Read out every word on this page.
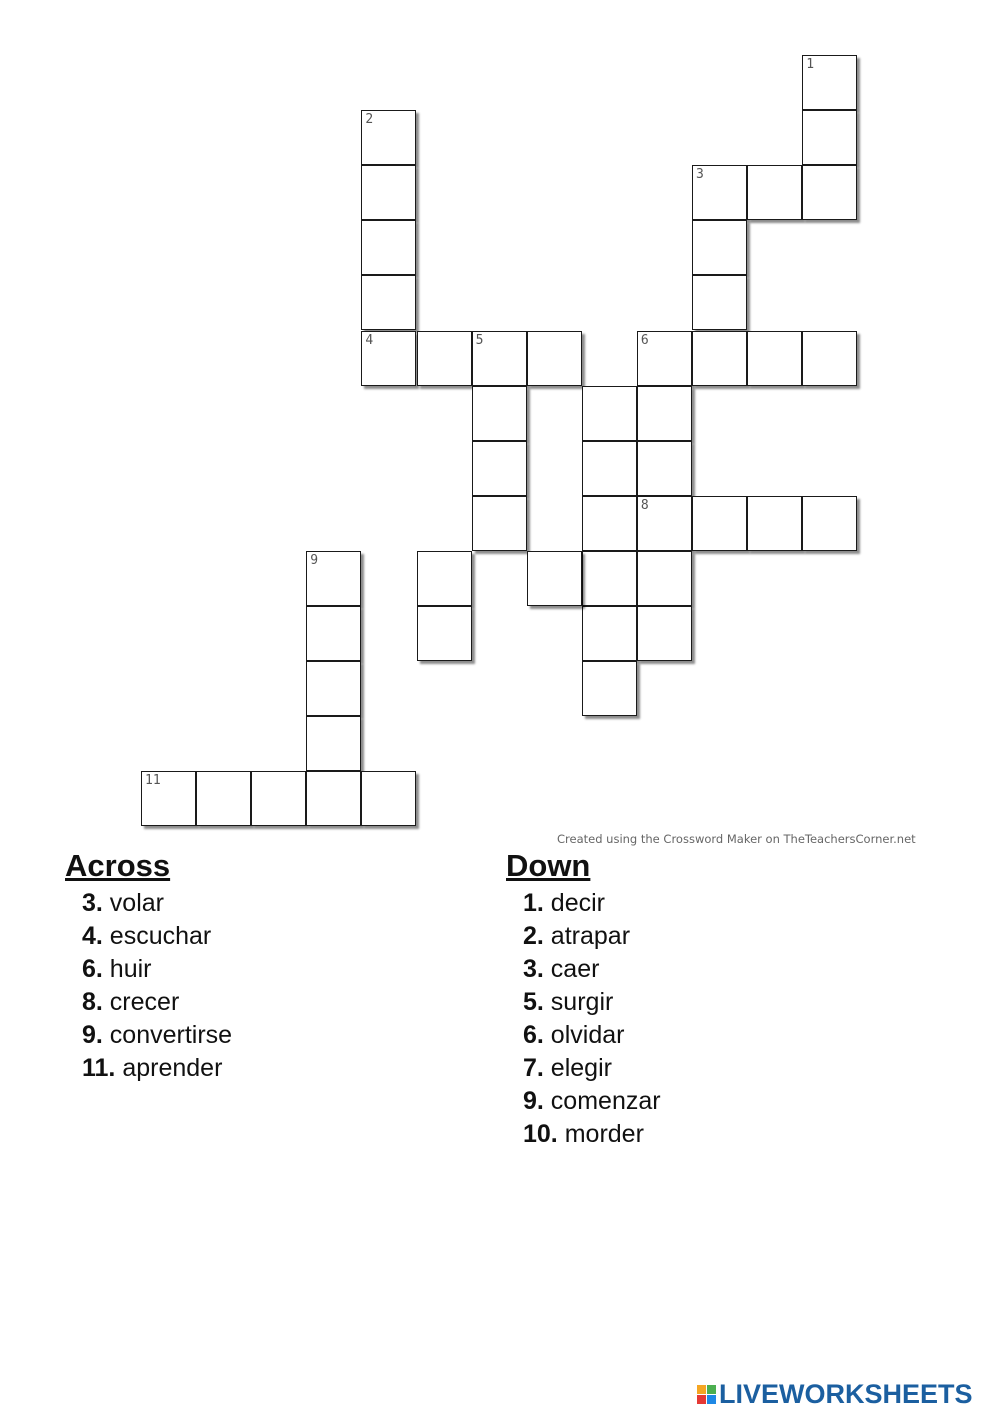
1
3
2
4	5	6
8
9
11
Created using the Crossword Maker on TheTeachersCorner.net
Across
3. volar
4. escuchar
6. huir
8. crecer
9. convertirse
11. aprender
Down
1. decir
2. atrapar
3. caer
5. surgir
6. olvidar
7. elegir
9. comenzar
10. morder
LIVEWORKSHEETS
